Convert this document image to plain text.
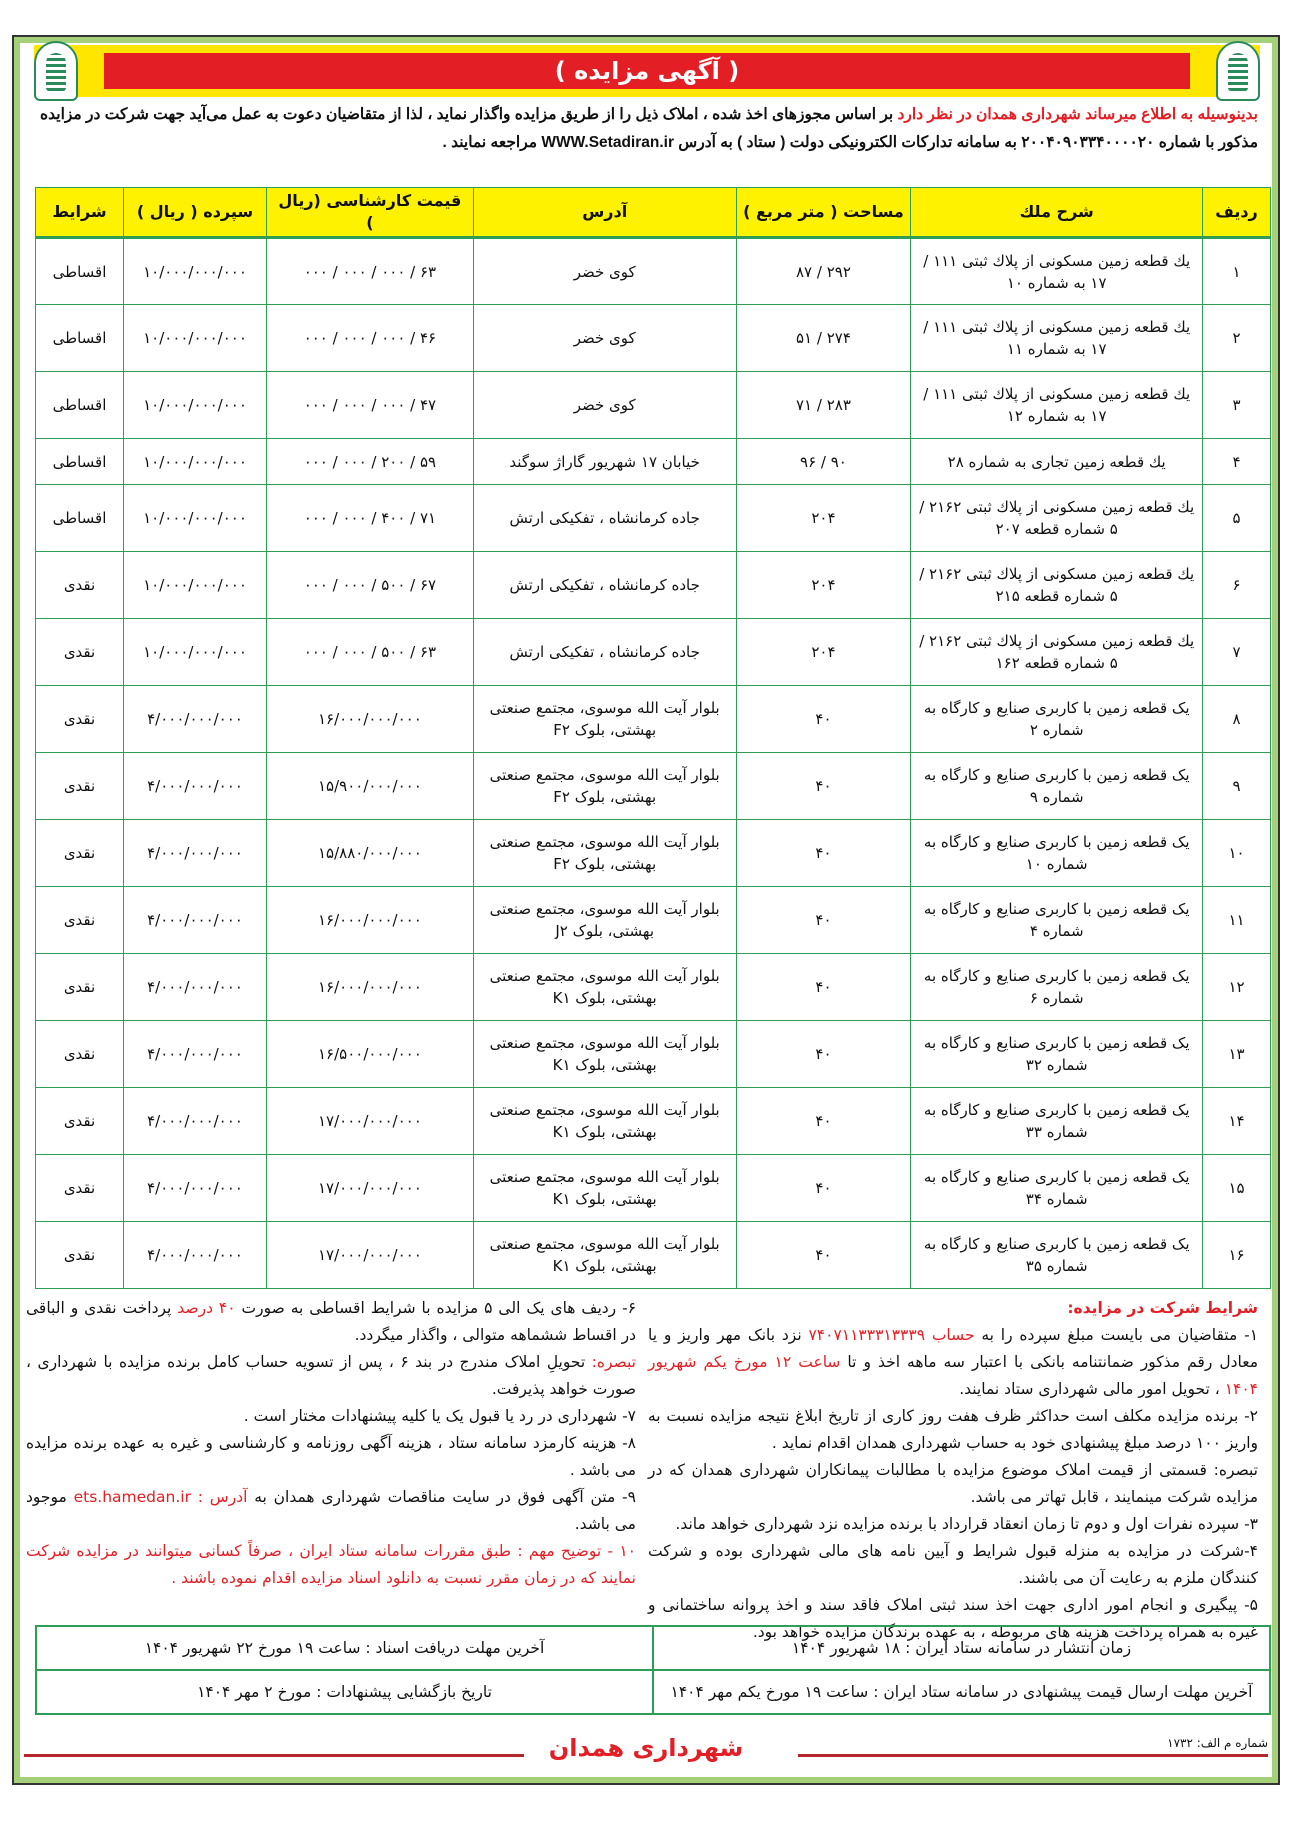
( آگهی مزایده )

بدینوسیله به اطلاع میرساند شهرداری همدان در نظر دارد بر اساس مجوزهای اخذ شده ، املاک ذیل را از طریق مزایده واگذار نماید ، لذا از متقاضیان دعوت به عمل می‌آید جهت شرکت در مزایده مذکور با شماره ۲۰۰۴۰۹۰۳۳۴۰۰۰۰۲۰ به سامانه تدارکات الکترونیکی دولت ( ستاد ) به آدرس WWW.Setadiran.ir مراجعه نمایند .

ردیف	شرح ملك	مساحت ( متر مربع )	آدرس	قیمت كارشناسی (ریال )	سپرده ( ریال )	شرایط
۱	يك قطعه زمین مسكونی از پلاك ثبتی ۱۱۱ / ۱۷ به شماره ۱۰	۲۹۲ / ۸۷	كوی خضر	۶۳ / ۰۰۰ / ۰۰۰ / ۰۰۰	۱۰/۰۰۰/۰۰۰/۰۰۰	اقساطی
۲	يك قطعه زمین مسكونی از پلاك ثبتی ۱۱۱ / ۱۷ به شماره ۱۱	۲۷۴ / ۵۱	كوی خضر	۴۶ / ۰۰۰ / ۰۰۰ / ۰۰۰	۱۰/۰۰۰/۰۰۰/۰۰۰	اقساطی
۳	يك قطعه زمین مسكونی از پلاك ثبتی ۱۱۱ / ۱۷ به شماره ۱۲	۲۸۳ / ۷۱	كوی خضر	۴۷ / ۰۰۰ / ۰۰۰ / ۰۰۰	۱۰/۰۰۰/۰۰۰/۰۰۰	اقساطی
۴	يك قطعه زمین تجاری به شماره ۲۸	۹۰ / ۹۶	خیابان ۱۷ شهریور گاراژ سوگند	۵۹ / ۲۰۰ / ۰۰۰ / ۰۰۰	۱۰/۰۰۰/۰۰۰/۰۰۰	اقساطی
۵	يك قطعه زمین مسكونی از پلاك ثبتی ۲۱۶۲ / ۵ شماره قطعه ۲۰۷	۲۰۴	جاده كرمانشاه ، تفكیكی ارتش	۷۱ / ۴۰۰ / ۰۰۰ / ۰۰۰	۱۰/۰۰۰/۰۰۰/۰۰۰	اقساطی
۶	يك قطعه زمین مسكونی از پلاك ثبتی ۲۱۶۲ / ۵ شماره قطعه ۲۱۵	۲۰۴	جاده كرمانشاه ، تفكیكی ارتش	۶۷ / ۵۰۰ / ۰۰۰ / ۰۰۰	۱۰/۰۰۰/۰۰۰/۰۰۰	نقدی
۷	يك قطعه زمین مسكونی از پلاك ثبتی ۲۱۶۲ / ۵ شماره قطعه ۱۶۲	۲۰۴	جاده كرمانشاه ، تفكیكی ارتش	۶۳ / ۵۰۰ / ۰۰۰ / ۰۰۰	۱۰/۰۰۰/۰۰۰/۰۰۰	نقدی
۸	یک قطعه زمین با کاربری صنایع و کارگاه به شماره ۲	۴۰	بلوار آیت الله موسوی، مجتمع صنعتی بهشتی، بلوک F۲	۱۶/۰۰۰/۰۰۰/۰۰۰	۴/۰۰۰/۰۰۰/۰۰۰	نقدی
۹	یک قطعه زمین با کاربری صنایع و کارگاه به شماره ۹	۴۰	بلوار آیت الله موسوی، مجتمع صنعتی بهشتی، بلوک F۲	۱۵/۹۰۰/۰۰۰/۰۰۰	۴/۰۰۰/۰۰۰/۰۰۰	نقدی
۱۰	یک قطعه زمین با کاربری صنایع و کارگاه به شماره ۱۰	۴۰	بلوار آیت الله موسوی، مجتمع صنعتی بهشتی، بلوک F۲	۱۵/۸۸۰/۰۰۰/۰۰۰	۴/۰۰۰/۰۰۰/۰۰۰	نقدی
۱۱	یک قطعه زمین با کاربری صنایع و کارگاه به شماره ۴	۴۰	بلوار آیت الله موسوی، مجتمع صنعتی بهشتی، بلوک J۲	۱۶/۰۰۰/۰۰۰/۰۰۰	۴/۰۰۰/۰۰۰/۰۰۰	نقدی
۱۲	یک قطعه زمین با کاربری صنایع و کارگاه به شماره ۶	۴۰	بلوار آیت الله موسوی، مجتمع صنعتی بهشتی، بلوک K۱	۱۶/۰۰۰/۰۰۰/۰۰۰	۴/۰۰۰/۰۰۰/۰۰۰	نقدی
۱۳	یک قطعه زمین با کاربری صنایع و کارگاه به شماره ۳۲	۴۰	بلوار آیت الله موسوی، مجتمع صنعتی بهشتی، بلوک K۱	۱۶/۵۰۰/۰۰۰/۰۰۰	۴/۰۰۰/۰۰۰/۰۰۰	نقدی
۱۴	یک قطعه زمین با کاربری صنایع و کارگاه به شماره ۳۳	۴۰	بلوار آیت الله موسوی، مجتمع صنعتی بهشتی، بلوک K۱	۱۷/۰۰۰/۰۰۰/۰۰۰	۴/۰۰۰/۰۰۰/۰۰۰	نقدی
۱۵	یک قطعه زمین با کاربری صنایع و کارگاه به شماره ۳۴	۴۰	بلوار آیت الله موسوی، مجتمع صنعتی بهشتی، بلوک K۱	۱۷/۰۰۰/۰۰۰/۰۰۰	۴/۰۰۰/۰۰۰/۰۰۰	نقدی
۱۶	یک قطعه زمین با کاربری صنایع و کارگاه به شماره ۳۵	۴۰	بلوار آیت الله موسوی، مجتمع صنعتی بهشتی، بلوک K۱	۱۷/۰۰۰/۰۰۰/۰۰۰	۴/۰۰۰/۰۰۰/۰۰۰	نقدی
شرایط شرکت در مزایده:
۱- متقاضیان می بایست مبلغ سپرده را به حساب ۷۴۰۷۱۱۳۳۳۱۳۳۳۹ نزد بانک مهر واریز و یا معادل رقم مذکور ضمانتنامه بانکی با اعتبار سه ماهه اخذ و تا ساعت ۱۲ مورخ یکم شهریور ۱۴۰۴ ، تحویل امور مالی شهرداری ستاد نمایند.
۲- برنده مزایده مکلف است حداکثر ظرف هفت روز کاری از تاریخ ابلاغ نتیجه مزایده نسبت به واریز ۱۰۰ درصد مبلغ پیشنهادی خود به حساب شهرداری همدان اقدام نماید .
تبصره: قسمتی از قیمت املاک موضوع مزایده با مطالبات پیمانکاران شهرداری همدان که در مزایده شرکت مینمایند ، قابل تهاتر می باشد.
۳- سپرده نفرات اول و دوم تا زمان انعقاد قرارداد با برنده مزایده نزد شهرداری خواهد ماند.
۴-شرکت در مزایده به منزله قبول شرایط و آیین نامه های مالی شهرداری بوده و شرکت کنندگان ملزم به رعایت آن می باشند.
۵- پیگیری و انجام امور اداری جهت اخذ سند ثبتی املاک فاقد سند و اخذ پروانه ساختمانی و غیره به همراه پرداخت هزینه های مربوطه ، به عهده برندگان مزایده خواهد بود.
۶- ردیف های یک الی ۵ مزایده با شرایط اقساطی به صورت ۴۰ درصد پرداخت نقدی و الباقی در اقساط ششماهه متوالی ، واگذار میگردد.
تبصره: تحویلِ املاک مندرج در بند ۶ ، پس از تسویه حساب کامل برنده مزایده با شهرداری ، صورت خواهد پذیرفت.
۷- شهرداری در رد یا قبول یک یا کلیه پیشنهادات مختار است .
۸- هزینه کارمزد سامانه ستاد ، هزینه آگهی روزنامه و کارشناسی و غیره به عهده برنده مزایده می باشد .
۹- متن آگهی فوق در سایت مناقصات شهرداری همدان به آدرس : ets.hamedan.ir موجود می باشد.
۱۰ - توضیح مهم : طبق مقررات سامانه ستاد ایران ، صرفاً کسانی میتوانند در مزایده شرکت نمایند که در زمان مقرر نسبت به دانلود اسناد مزایده اقدام نموده باشند .
زمان انتشار در سامانه ستاد ایران : ۱۸ شهریور ۱۴۰۴	آخرین مهلت دریافت اسناد : ساعت ۱۹ مورخ ۲۲ شهریور ۱۴۰۴
آخرین مهلت ارسال قیمت پیشنهادی در سامانه ستاد ایران : ساعت ۱۹ مورخ یکم مهر ۱۴۰۴	تاریخ بازگشایی پیشنهادات : مورخ ۲ مهر ۱۴۰۴
شهرداری همدان	شماره م الف: ۱۷۳۲
